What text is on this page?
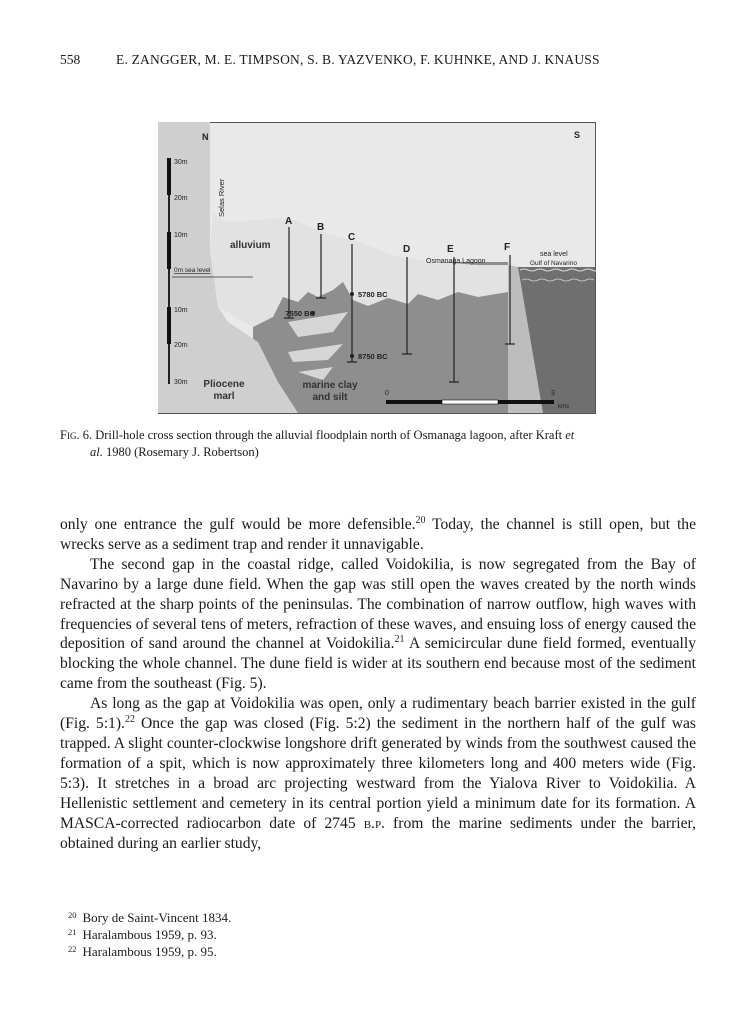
558	E. ZANGGER, M. E. TIMPSON, S. B. YAZVENKO, F. KUHNKE, AND J. KNAUSS
30m
20m
10m
0m sea level
10m
20m
30m
N	S
Selas River
A
B
C
D	E	F
5780 BC
7550 BC
8750 BC
alluvium
Osmanaga Lagoon
sea level
Gulf of Navarino
Pliocene
marl
marine clay
and silt	0	3
kms
Fig. 6. Drill-hole cross section through the alluvial floodplain north of Osmanaga lagoon, after Kraft et
al. 1980 (Rosemary J. Robertson)

only one entrance the gulf would be more defensible.$^{20}$ Today, the channel is still open, but the wrecks serve as a sediment trap and render it unnavigable.

The second gap in the coastal ridge, called Voidokilia, is now segregated from the Bay of Navarino by a large dune field. When the gap was still open the waves created by the north winds refracted at the sharp points of the peninsulas. The combination of narrow outflow, high waves with frequencies of several tens of meters, refraction of these waves, and ensuing loss of energy caused the deposition of sand around the channel at Voidokilia.$^{21}$ A semicircular dune field formed, eventually blocking the whole channel. The dune field is wider at its southern end because most of the sediment came from the southeast (Fig. 5).

As long as the gap at Voidokilia was open, only a rudimentary beach barrier existed in the gulf (Fig. 5:1).$^{22}$ Once the gap was closed (Fig. 5:2) the sediment in the northern half of the gulf was trapped. A slight counter-clockwise longshore drift generated by winds from the southwest caused the formation of a spit, which is now approximately three kilometers long and 400 meters wide (Fig. 5:3). It stretches in a broad arc projecting westward from the Yialova River to Voidokilia. A Hellenistic settlement and cemetery in its central portion yield a minimum date for its formation. A MASCA-corrected radiocarbon date of 2745 b.p. from the marine sediments under the barrier, obtained during an earlier study,

$^{20}$ Bory de Saint-Vincent 1834.
$^{21}$ Haralambous 1959, p. 93.
$^{22}$ Haralambous 1959, p. 95.
